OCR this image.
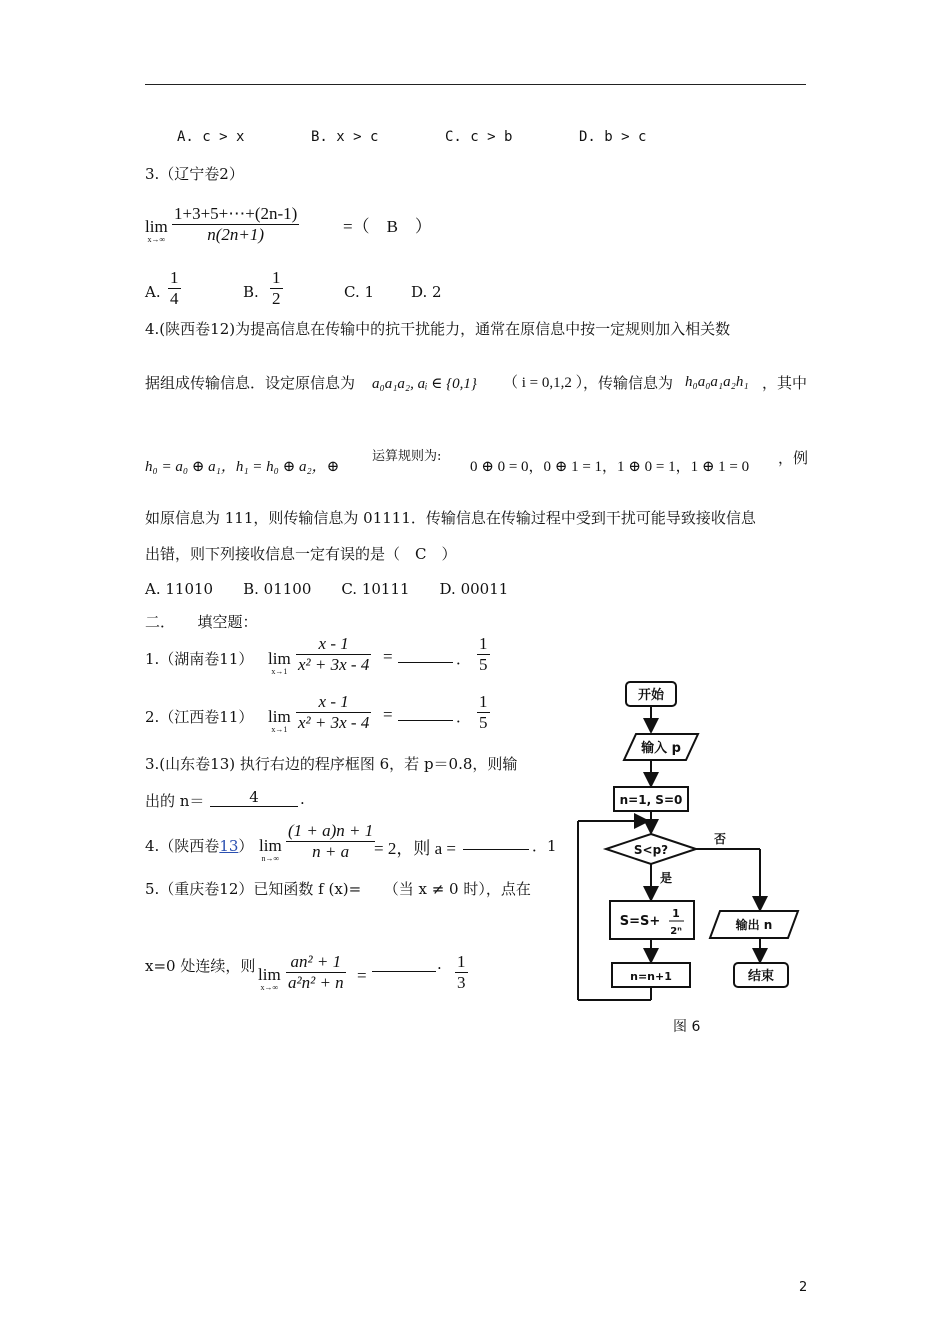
A. c > x	B. x > c	C. c > b	D. b > c
3.（辽宁卷2）
lim
$x\to\infty \frac{1+3+5+\cdots+(2n-1)}{n(2n+1)}$	=（　B　）
A. $\frac{1}{4}$	B. $\frac{1}{2}$	C. 1 D. 2
4.(陕西卷12)为提高信息在传输中的抗干扰能力，通常在原信息中按一定规则加入相关数
据组成传输信息．设定原信息为 a₀a₁a₂, aᵢ ∈ {0,1} （ i = 0,1,2 ）
，传输信息为 h₀a₀a₁a₂h₁ ，其中
h₀ = a₀ ⊕ a₁，h₁ = h₀ ⊕ a₂，⊕
运算规则为:
0 ⊕ 0 = 0，0 ⊕ 1 = 1，1 ⊕ 0 = 1，1 ⊕ 1 = 0 ，例
如原信息为 111，则传输信息为 01111．传输信息在传输过程中受到干扰可能导致接收信息
出错，则下列接收信息一定有误的是（　C　）
A. 11010　　B. 01100　　C. 10111　　D. 00011
二．　　填空题：
1.（湖南卷11） lim
$x\to 1 \frac{x - 1}{\text{x² + 3x - 4}}$ =	． $\frac{1}{5}$
2.（江西卷11） lim
$x\to 1 \frac{x - 1}{\text{x² + 3x - 4}}$ =	． $\frac{1}{5}$
3.(山东卷13) 执行右边的程序框图 6，若 p＝0.8，则输
出的 n＝	4	.
4.（陕西卷13） lim
$n\to\infty \frac{(1 + a)n + 1}{n + a}$
= 2，则 a =	．1
5.（重庆卷12）已知函数 f (x)=　　（当 x ≠ 0 时），点在
x=0 处连续，则 lim
$x\to\infty \frac{\text{an² + 1}}{\text{a²n² + n}}$ =
. $\frac{1}{3}$
开始
输入 p
n=1, S=0
S<p?
是
否
S=S+
1
2ⁿ
n=n+1
输出 n
结束
图 6
2
